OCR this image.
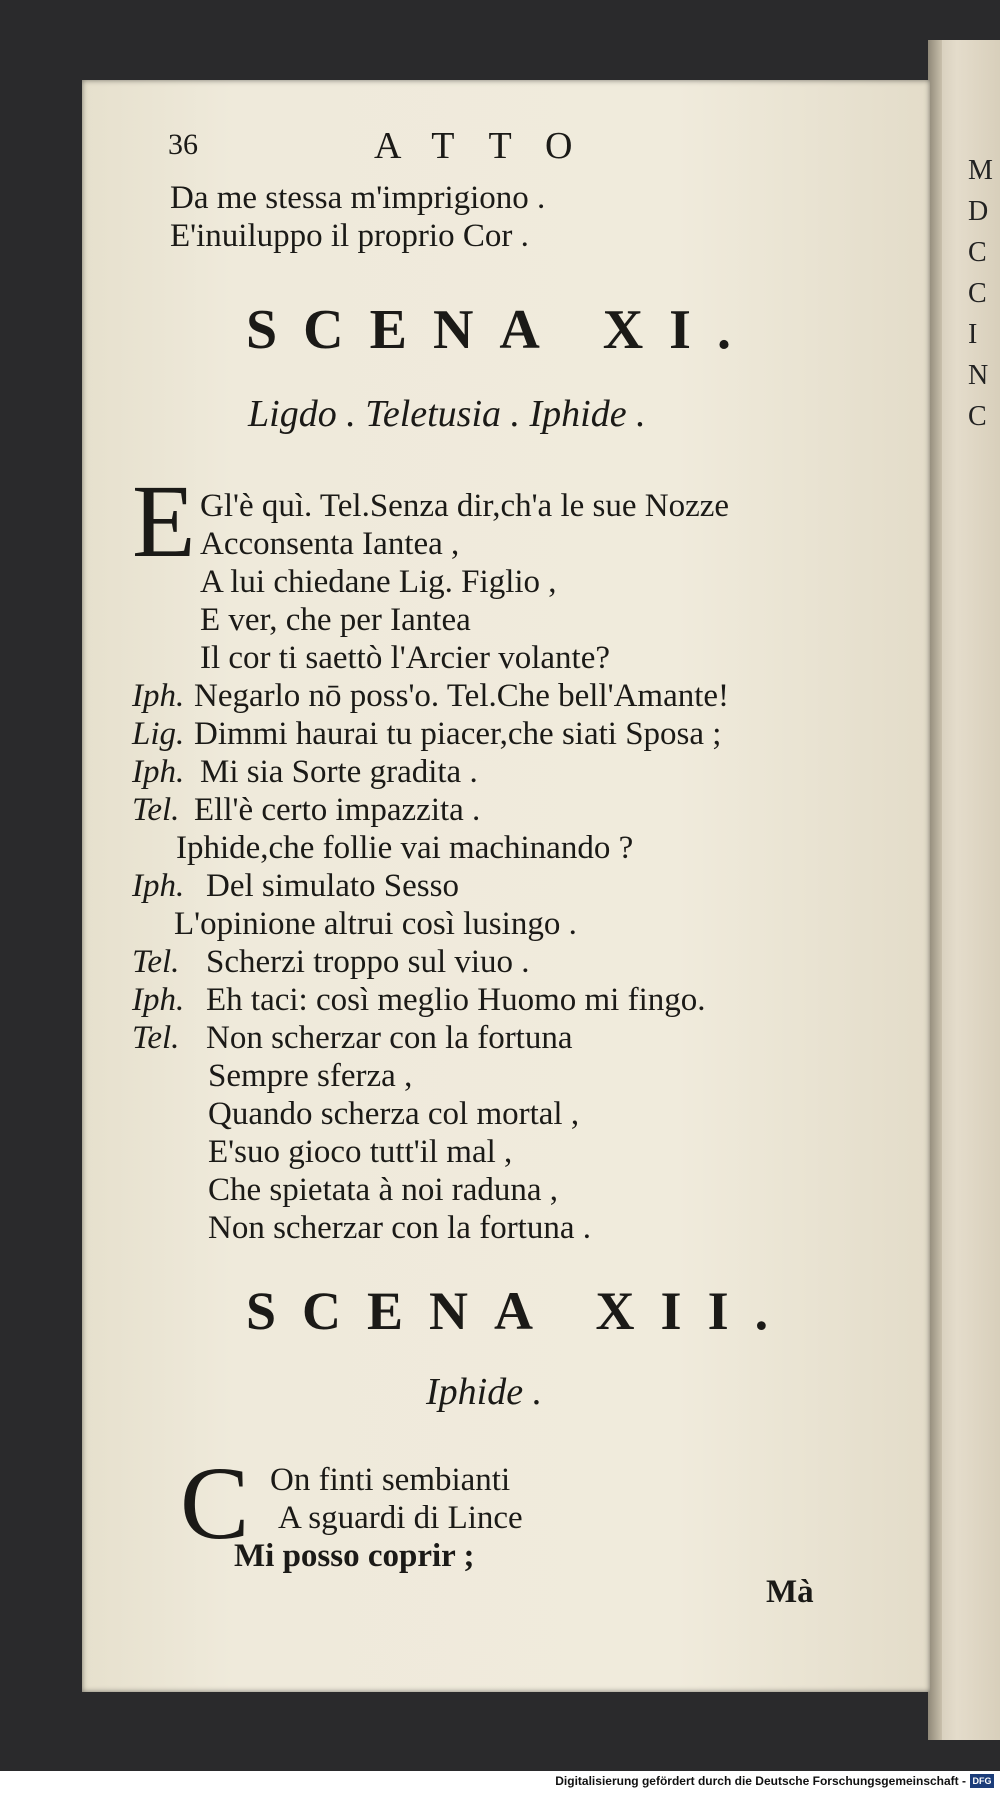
M
D
C
C
I
N
C
36	ATTO
Da me stessa m'imprigiono .
E'inuiluppo il proprio Cor .
SCENA XI.
Ligdo . Teletusia . Iphide .
E Gl'è quì. Tel.Senza dir,ch'a le sue Nozze
Acconsenta Iantea ,
A lui chiedane Lig. Figlio ,
E ver, che per Iantea
Il cor ti saettò l'Arcier volante?
Iph. Negarlo nō poss'o. Tel.Che bell'Amante!
Lig. Dimmi haurai tu piacer,che siati Sposa ;
Iph. Mi sia Sorte gradita .
Tel. Ell'è certo impazzita .
Iphide,che follie vai machinando ?
Iph. Del simulato Sesso
L'opinione altrui così lusingo .
Tel. Scherzi troppo sul viuo .
Iph. Eh taci: così meglio Huomo mi fingo.
Tel. Non scherzar con la fortuna
Sempre sferza ,
Quando scherza col mortal ,
E'suo gioco tutt'il mal ,
Che spietata à noi raduna ,
Non scherzar con la fortuna .
SCENA XII.
Iphide .
C On finti sembianti
A sguardi di Lince
Mi posso coprir ;
Mà
Digitalisierung gefördert durch die Deutsche Forschungsgemeinschaft - DFG
